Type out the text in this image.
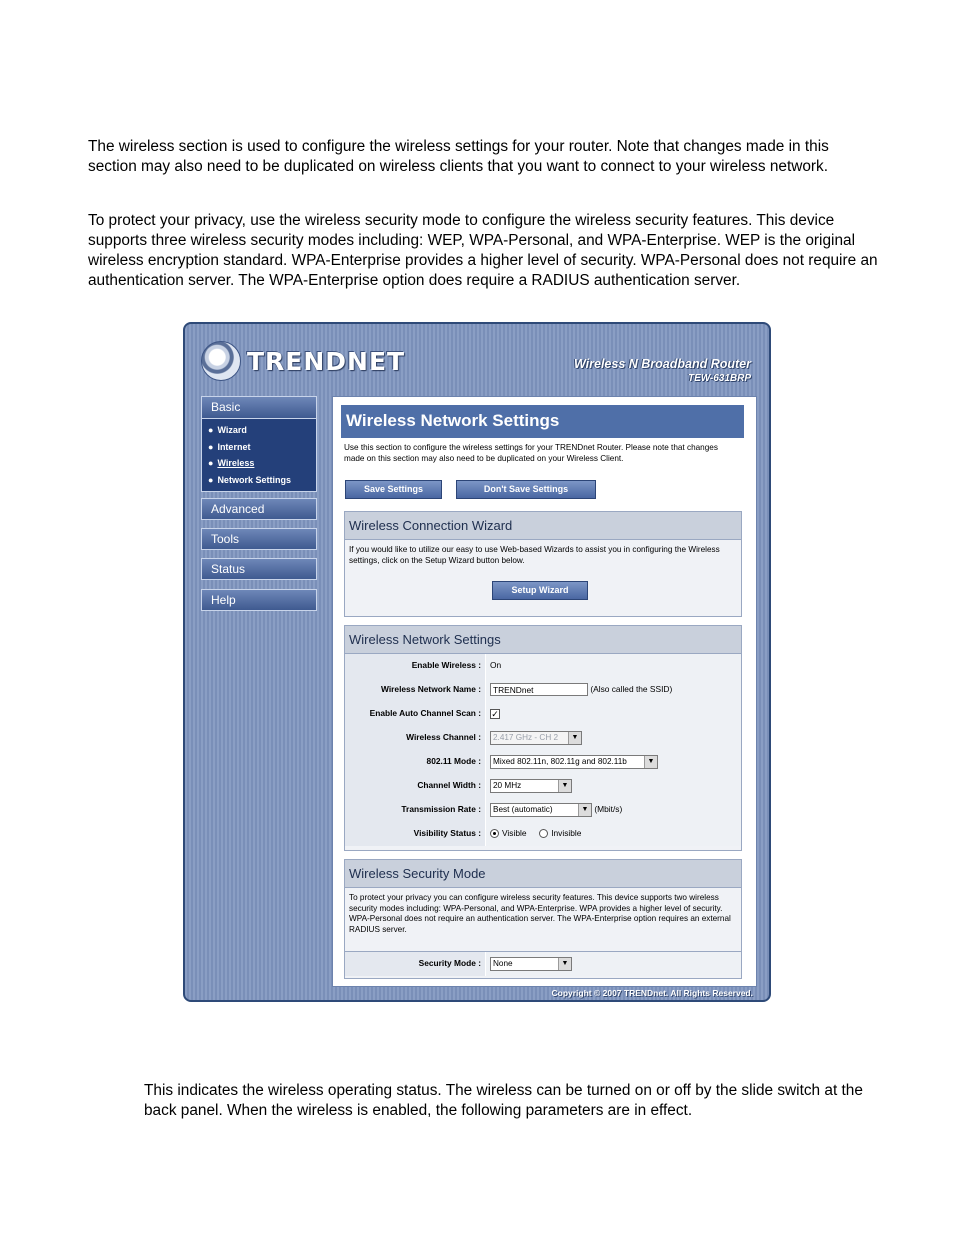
The wireless section is used to configure the wireless settings for your router. Note that changes made in this section may also need to be duplicated on wireless clients that you want to connect to your wireless network.

To protect your privacy, use the wireless security mode to configure the wireless security features. This device supports three wireless security modes including: WEP, WPA-Personal, and WPA-Enterprise. WEP is the original wireless encryption standard. WPA-Enterprise provides a higher level of security. WPA-Personal does not require an authentication server. The WPA-Enterprise option does require a RADIUS authentication server.

TRENDNET	Wireless N Broadband Router
TEW-631BRP
Basic
● Wizard
● Internet
● Wireless
● Network Settings
Advanced
Tools
Status
Help
Wireless Network Settings
Use this section to configure the wireless settings for your TRENDnet Router. Please note that changes made on this section may also need to be duplicated on your Wireless Client.
Save Settings	Don't Save Settings
Wireless Connection Wizard
If you would like to utilize our easy to use Web-based Wizards to assist you in configuring the Wireless settings, click on the Setup Wizard button below.
Setup Wizard
Wireless Network Settings
Enable Wireless :	On
Wireless Network Name :	TRENDnet	(Also called the SSID)
Enable Auto Channel Scan :	✓
Wireless Channel :	2.417 GHz - CH 2	▼
802.11 Mode :	Mixed 802.11n, 802.11g and 802.11b	▼
Channel Width :	20 MHz	▼
Transmission Rate :	Best (automatic)	▼ (Mbit/s)
Visibility Status :	Visible	Invisible
Wireless Security Mode
To protect your privacy you can configure wireless security features. This device supports two wireless security modes including: WPA-Personal, and WPA-Enterprise. WPA provides a higher level of security. WPA-Personal does not require an authentication server. The WPA-Enterprise option requires an external RADIUS server.
Security Mode :	None	▼
Copyright © 2007 TRENDnet. All Rights Reserved.

This indicates the wireless operating status. The wireless can be turned on or off by the slide switch at the back panel. When the wireless is enabled, the following parameters are in effect.
